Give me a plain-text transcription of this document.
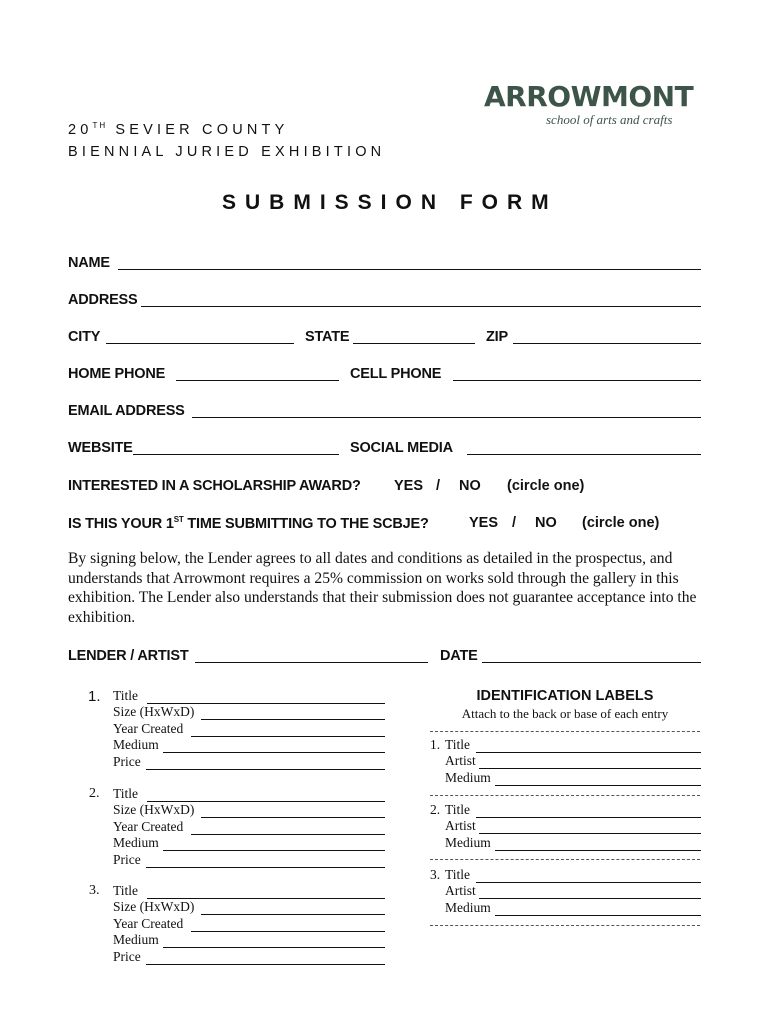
ARROWMONT
school of arts and crafts
20TH SEVIER COUNTY
BIENNIAL JURIED EXHIBITION
SUBMISSION FORM
NAME
ADDRESS
CITY	STATE	ZIP
HOME PHONE	CELL PHONE
EMAIL ADDRESS
WEBSITE	SOCIAL MEDIA
INTERESTED IN A SCHOLARSHIP AWARD? YES / NO (circle one)
IS THIS YOUR 1ST TIME SUBMITTING TO THE SCBJE?	YES / NO (circle one)
By signing below, the Lender agrees to all dates and conditions as detailed in the prospectus, and understands that Arrowmont requires a 25% commission on works sold through the gallery in this exhibition. The Lender also understands that their submission does not guarantee acceptance into the exhibition.
LENDER / ARTIST	DATE
1. Title
Size (HxWxD)
Year Created
Medium
Price
2. Title
Size (HxWxD)
Year Created
Medium
Price
3. Title
Size (HxWxD)
Year Created
Medium
Price
IDENTIFICATION LABELS
Attach to the back or base of each entry
1. Title
Artist
Medium
2. Title
Artist
Medium
3. Title
Artist
Medium
